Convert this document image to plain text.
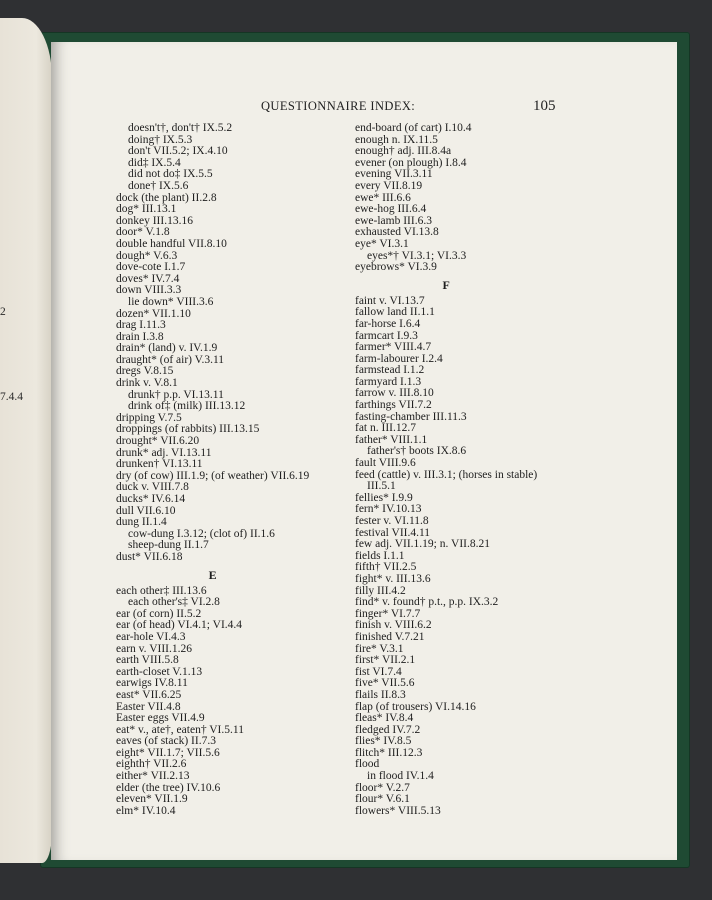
2
7.4.4
QUESTIONNAIRE INDEX:	105
doesn't†, don't† IX.5.2
doing† IX.5.3
don't VII.5.2; IX.4.10
did‡ IX.5.4
did not do‡ IX.5.5
done† IX.5.6
dock (the plant) II.2.8
dog* III.13.1
donkey III.13.16
door* V.1.8
double handful VII.8.10
dough* V.6.3
dove-cote I.1.7
doves* IV.7.4
down VIII.3.3
lie down* VIII.3.6
dozen* VII.1.10
drag I.11.3
drain I.3.8
drain* (land) v. IV.1.9
draught* (of air) V.3.11
dregs V.8.15
drink v. V.8.1
drunk† p.p. VI.13.11
drink of‡ (milk) III.13.12
dripping V.7.5
droppings (of rabbits) III.13.15
drought* VII.6.20
drunk* adj. VI.13.11
drunken† VI.13.11
dry (of cow) III.1.9; (of weather) VII.6.19
duck v. VIII.7.8
ducks* IV.6.14
dull VII.6.10
dung II.1.4
cow-dung I.3.12; (clot of) II.1.6
sheep-dung II.1.7
dust* VII.6.18
E
each other‡ III.13.6
each other's‡ VI.2.8
ear (of corn) II.5.2
ear (of head) VI.4.1; VI.4.4
ear-hole VI.4.3
earn v. VIII.1.26
earth VIII.5.8
earth-closet V.1.13
earwigs IV.8.11
east* VII.6.25
Easter VII.4.8
Easter eggs VII.4.9
eat* v., ate†, eaten† VI.5.11
eaves (of stack) II.7.3
eight* VII.1.7; VII.5.6
eighth† VII.2.6
either* VII.2.13
elder (the tree) IV.10.6
eleven* VII.1.9
elm* IV.10.4
end-board (of cart) I.10.4
enough n. IX.11.5
enough† adj. III.8.4a
evener (on plough) I.8.4
evening VII.3.11
every VII.8.19
ewe* III.6.6
ewe-hog III.6.4
ewe-lamb III.6.3
exhausted VI.13.8
eye* VI.3.1
eyes*† VI.3.1; VI.3.3
eyebrows* VI.3.9
F
faint v. VI.13.7
fallow land II.1.1
far-horse I.6.4
farmcart I.9.3
farmer* VIII.4.7
farm-labourer I.2.4
farmstead I.1.2
farmyard I.1.3
farrow v. III.8.10
farthings VII.7.2
fasting-chamber III.11.3
fat n. III.12.7
father* VIII.1.1
father's† boots IX.8.6
fault VIII.9.6
feed (cattle) v. III.3.1; (horses in stable)
III.5.1
fellies* I.9.9
fern* IV.10.13
fester v. VI.11.8
festival VII.4.11
few adj. VII.1.19; n. VII.8.21
fields I.1.1
fifth† VII.2.5
fight* v. III.13.6
filly III.4.2
find* v. found† p.t., p.p. IX.3.2
finger* VI.7.7
finish v. VIII.6.2
finished V.7.21
fire* V.3.1
first* VII.2.1
fist VI.7.4
five* VII.5.6
flails II.8.3
flap (of trousers) VI.14.16
fleas* IV.8.4
fledged IV.7.2
flies* IV.8.5
flitch* III.12.3
flood
in flood IV.1.4
floor* V.2.7
flour* V.6.1
flowers* VIII.5.13
